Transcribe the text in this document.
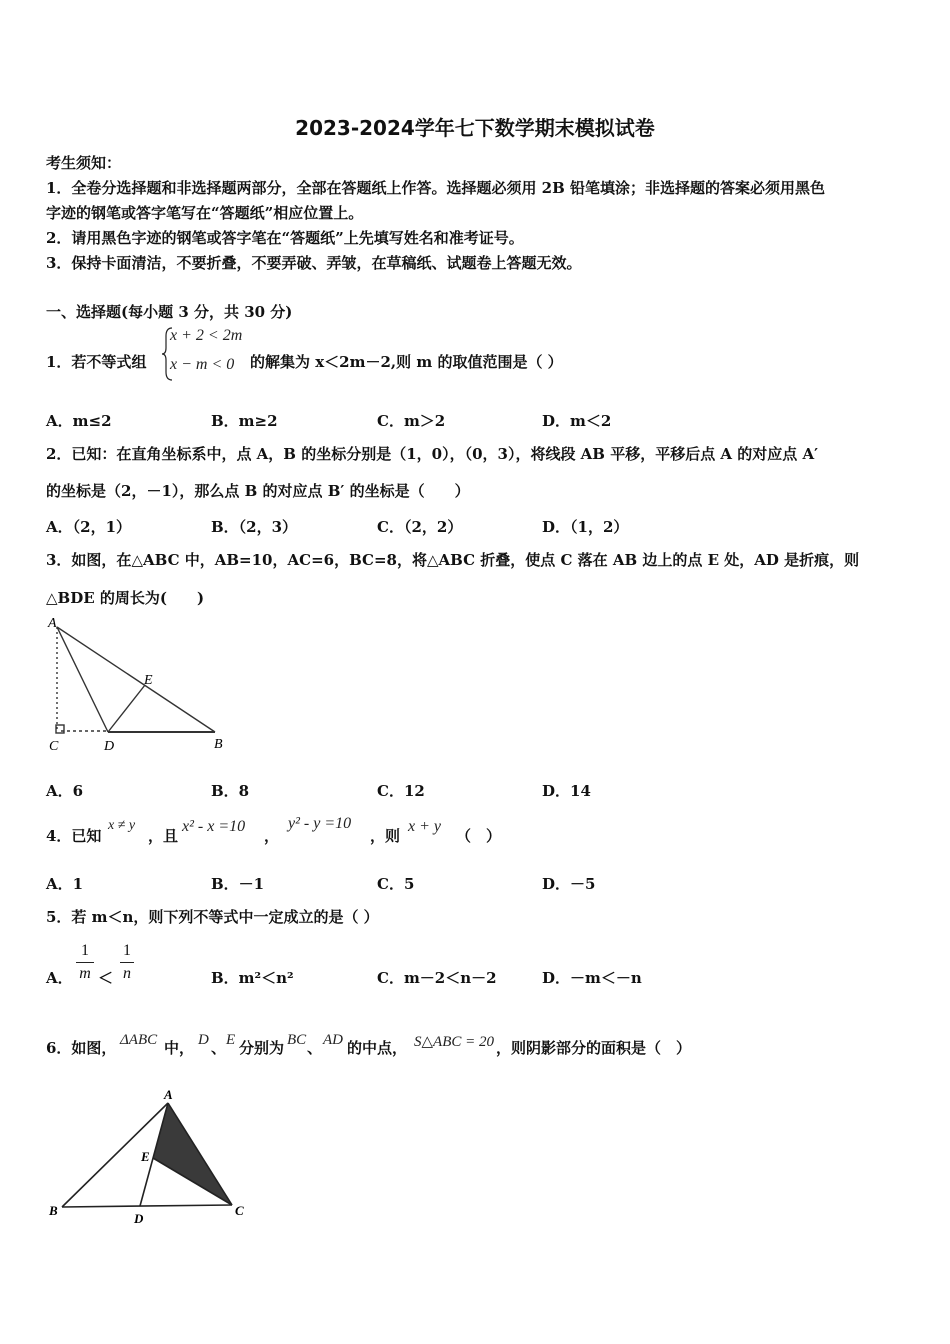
2023-2024学年七下数学期末模拟试卷
考生须知：
1．全卷分选择题和非选择题两部分，全部在答题纸上作答。选择题必须用 2B 铅笔填涂；非选择题的答案必须用黑色
字迹的钢笔或答字笔写在“答题纸”相应位置上。
2．请用黑色字迹的钢笔或答字笔在“答题纸”上先填写姓名和准考证号。
3．保持卡面清洁，不要折叠，不要弄破、弄皱，在草稿纸、试题卷上答题无效。
一、选择题(每小题 3 分，共 30 分)
1．若不等式组
x + 2 < 2m
x − m < 0 的解集为 x＜2m－2,则 m 的取值范围是（ ）
A．m≤2	B．m≥2	C．m＞2	D．m＜2
2．已知：在直角坐标系中，点 A，B 的坐标分别是（1，0），（0，3），将线段 AB 平移，平移后点 A 的对应点 A′
的坐标是（2，－1），那么点 B 的对应点 B′ 的坐标是（　　）
A．（2，1）	B．（2，3）	C．（2，2）	D．（1，2）
3．如图，在△ABC 中，AB=10，AC=6，BC=8，将△ABC 折叠，使点 C 落在 AB 边上的点 E 处，AD 是折痕，则
△BDE 的周长为(　　)
A
E
C	D	B
A．6	B．8	C．12	D．14
4．已知
x ≠ y
，且
x² - x =10
，
y² - y =10
，则
x + y
（　）
A．1	B．－1	C．5	D．－5
5．若 m＜n，则下列不等式中一定成立的是（ ）
A．
1
m ＜
1
n	B．m²＜n²	C．m－2＜n－2	D．－m＜－n
6．如图， ΔABC 中， D 、 E 分别为 BC 、 AD 的中点， S△ABC = 20 ，则阴影部分的面积是（　）
A
E
B
D
C
